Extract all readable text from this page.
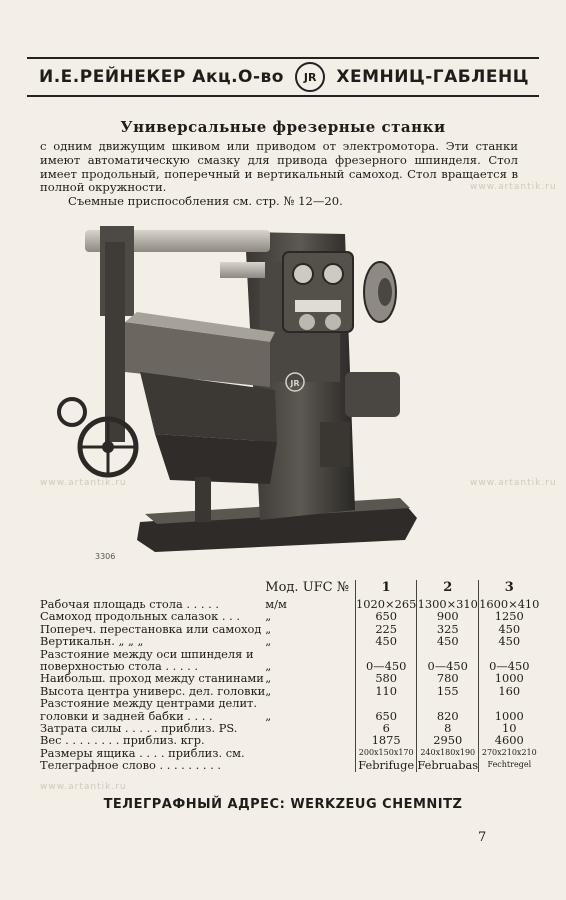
www.artantik.ru
www.artantik.ru	www.artantik.ru
www.artantik.ru
И.Е.РЕЙНЕКЕР Акц.О-во	JR	ХЕМНИЦ-ГАБЛЕНЦ
Универсальные фрезерные станки

с одним движущим шкивом или приводом от электромотора. Эти станки имеют автоматическую смазку для привода фрезерного шпинделя. Стол имеет продольный, поперечный и вертикальный самоход. Стол вращается в полной окружности.

Съемные приспособления см. стр. № 12—20.

JR
3306
	Мод. UFC №	1	2	3
Рабочая площадь стола . . . . .	м/м	1020×265	1300×310	1600×410
Самоход продольных салазок . . .	„	650	900	1250
Попереч. перестановка или самоход	„	225	325	450
Вертикальн. „ „ „	„	450	450	450
Разстояние между оси шпинделя и				
поверхностью стола . . . . .	„	0—450	0—450	0—450
Наибольш. проход между станинами	„	580	780	1000
Высота центра универс. дел. головки	„	110	155	160
Разстояние между центрами делит.				
головки и задней бабки . . . .	„	650	820	1000
Затрата силы . . . . . приблиз. PS.		6	8	10
Вес . . . . . . . . приблиз. кгр.		1875	2950	4600
Размеры ящика . . . . приблиз. см.		200x150x170	240x180x190	270x210x210
Телеграфное слово . . . . . . . . .		Febrifuge	Februabas	Fechtregel
ТЕЛЕГРАФНЫЙ АДРЕС: WERKZEUG CHEMNITZ
7
